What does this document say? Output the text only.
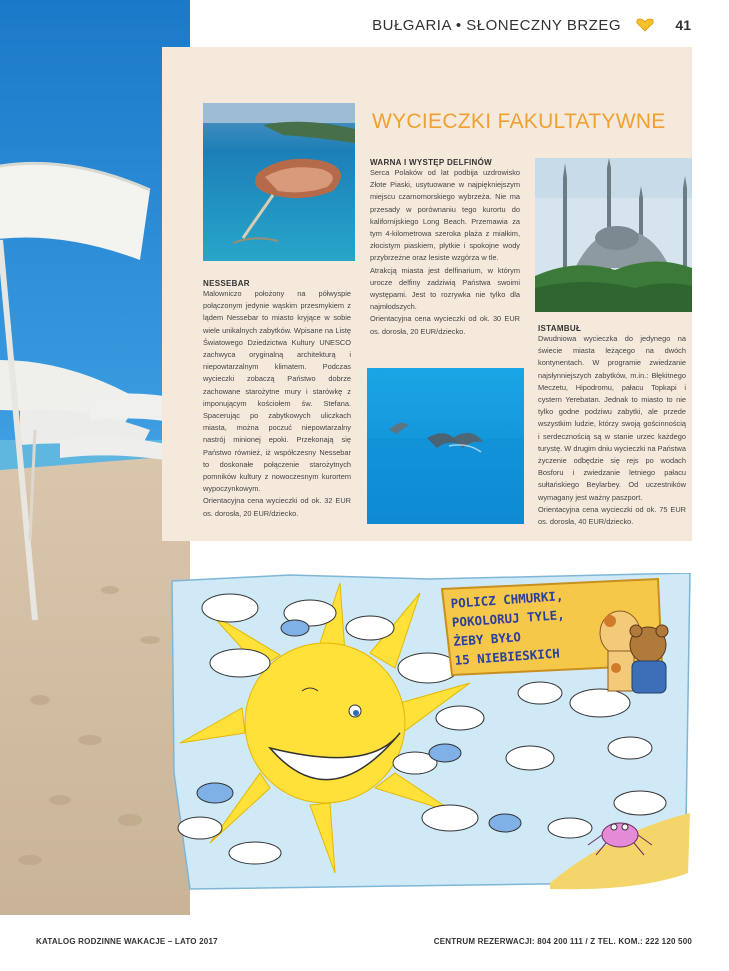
BUŁGARIA • SŁONECZNY BRZEG	41
WYCIECZKI FAKULTATYWNE
NESSEBAR
Malowniczo położony na półwyspie połączonym jedynie wąskim przesmykiem z lądem Nessebar to miasto kryjące w sobie wiele unikalnych zabytków. Wpisane na Listę Światowego Dziedzictwa Kultury UNESCO zachwyca oryginalną architekturą i niepowtarzalnym klimatem. Podczas wycieczki zobaczą Państwo dobrze zachowane starożytne mury i starówkę z imponującym kościołem św. Stefana. Spacerując po zabytkowych uliczkach miasta, można poczuć niepowtarzalny nastrój minionej epoki. Przekonają się Państwo również, iż współczesny Nessebar to doskonałe połączenie starożytnych pomników kultury z nowoczesnym kurortem wypoczynkowym.
Orientacyjna cena wycieczki od ok. 32 EUR os. dorosła, 20 EUR/dziecko.
WARNA I WYSTĘP DELFINÓW
Serca Polaków od lat podbija uzdrowisko Złote Piaski, usytuowane w najpiękniejszym miejscu czarnomorskiego wybrzeża. Nie ma przesady w porównaniu tego kurortu do kalifornijskiego Long Beach. Przemawia za tym 4-kilometrowa szeroka plaża z miałkim, złocistym piaskiem, płytkie i spokojne wody przybrzeżne oraz lesiste wzgórza w tle.
Atrakcją miasta jest delfinarium, w którym urocze delfiny zadziwią Państwa swoimi występami. Jest to rozrywka nie tylko dla najmłodszych.
Orientacyjna cena wycieczki od ok. 30 EUR os. dorosła, 20 EUR/dziecko.	ISTAMBUŁ
Dwudniowa wycieczka do jedynego na świecie miasta leżącego na dwóch kontynentach. W programie zwiedzanie najsłynniejszych zabytków, m.in.: Błękitnego Meczetu, Hipodromu, pałacu Topkapi i cystern Yerebatan. Jednak to miasto to nie tylko godne podziwu zabytki, ale przede wszystkim ludzie, którzy swoją gościnnością i serdecznością są w stanie urzec każdego turystę. W drugim dniu wycieczki na Państwa życzenie odbędzie się rejs po wodach Bosforu i zwiedzanie letniego pałacu sułtańskiego Beylarbey. Od uczestników wymagany jest ważny paszport.
Orientacyjna cena wycieczki od ok. 75 EUR os. dorosła, 40 EUR/dziecko.
POLICZ CHMURKI,
POKOLORUJ TYLE,
ŻEBY BYŁO
15 NIEBIESKICH
KATALOG RODZINNE WAKACJE – LATO 2017	CENTRUM REZERWACJI: 804 200 111 / Z TEL. KOM.: 222 120 500
